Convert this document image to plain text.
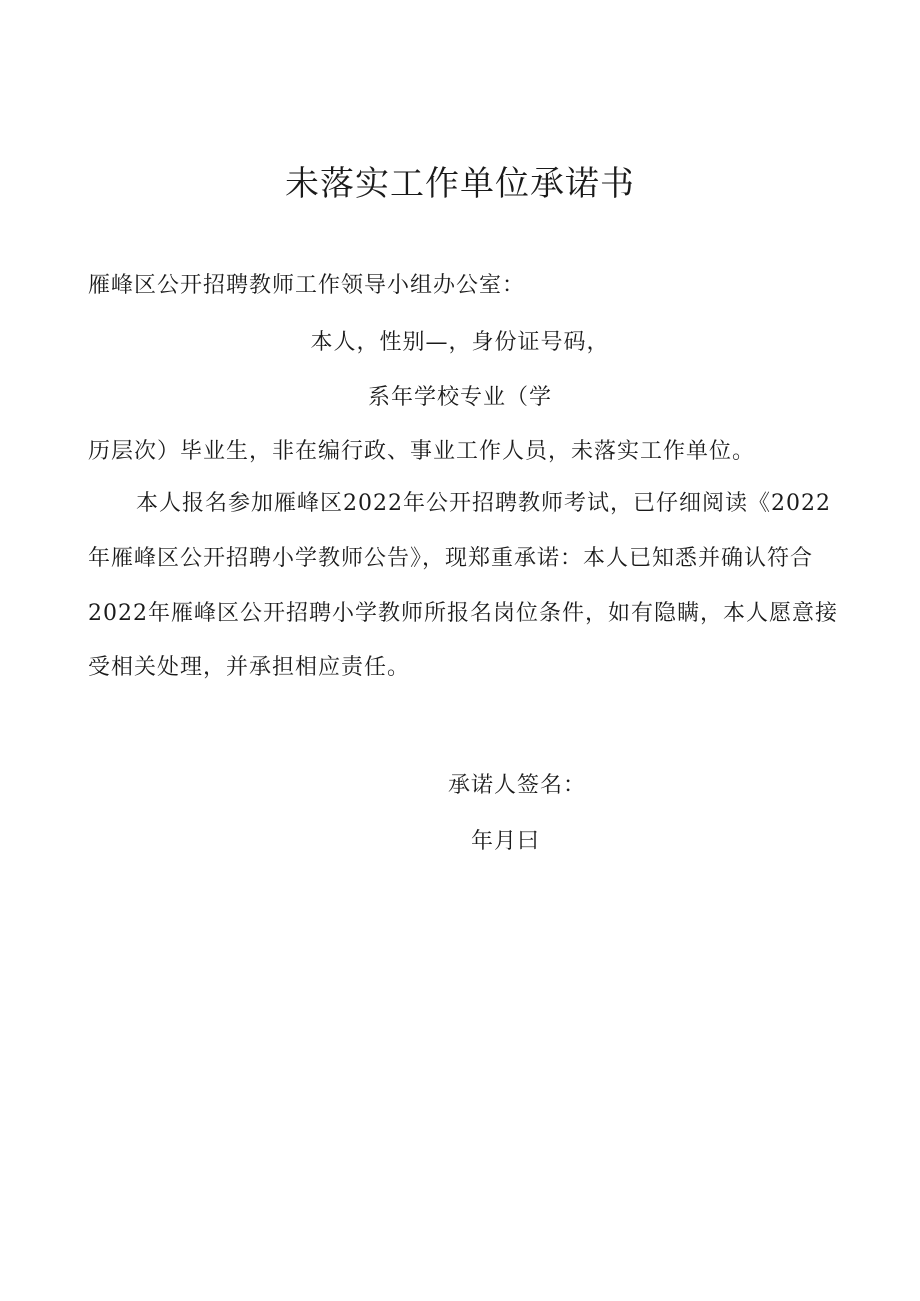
未落实工作单位承诺书
雁峰区公开招聘教师工作领导小组办公室：
本人，性别—，身份证号码，
系年学校专业（学
历层次）毕业生，非在编行政、事业工作人员，未落实工作单位。
本人报名参加雁峰区2022年公开招聘教师考试，已仔细阅读《2022
年雁峰区公开招聘小学教师公告》，现郑重承诺：本人已知悉并确认符合
2022年雁峰区公开招聘小学教师所报名岗位条件，如有隐瞒，本人愿意接
受相关处理，并承担相应责任。
承诺人签名：
年月曰
